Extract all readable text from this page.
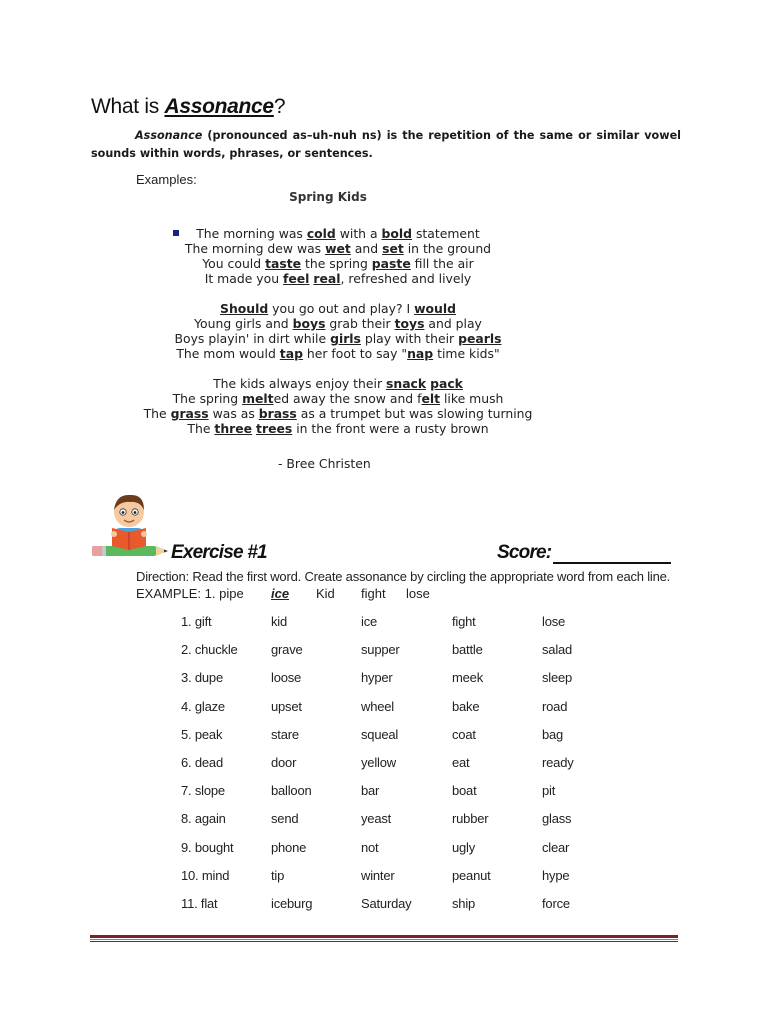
What is Assonance?
Assonance (pronounced as–uh-nuh ns) is the repetition of the same or similar vowel sounds within words, phrases, or sentences.
Examples:
Spring Kids
The morning was cold with a bold statement
The morning dew was wet and set in the ground
You could taste the spring paste fill the air
It made you feel real, refreshed and lively
Should you go out and play? I would
Young girls and boys grab their toys and play
Boys playin' in dirt while girls play with their pearls
The mom would tap her foot to say "nap time kids"
The kids always enjoy their snack pack
The spring melted away the snow and felt like mush
The grass was as brass as a trumpet but was slowing turning
The three trees in the front were a rusty brown
- Bree Christen
Exercise #1	Score:
Direction: Read the first word. Create assonance by circling the appropriate word from each line.
EXAMPLE: 1. pipe ice Kid fight lose
1. gift	kid	ice	fight	lose
2. chuckle	grave	supper	battle	salad
3. dupe	loose	hyper	meek	sleep
4. glaze	upset	wheel	bake	road
5. peak	stare	squeal	coat	bag
6. dead	door	yellow	eat	ready
7. slope	balloon	bar	boat	pit
8. again	send	yeast	rubber	glass
9. bought	phone	not	ugly	clear
10. mind	tip	winter	peanut	hype
11. flat	iceburg	Saturday	ship	force
